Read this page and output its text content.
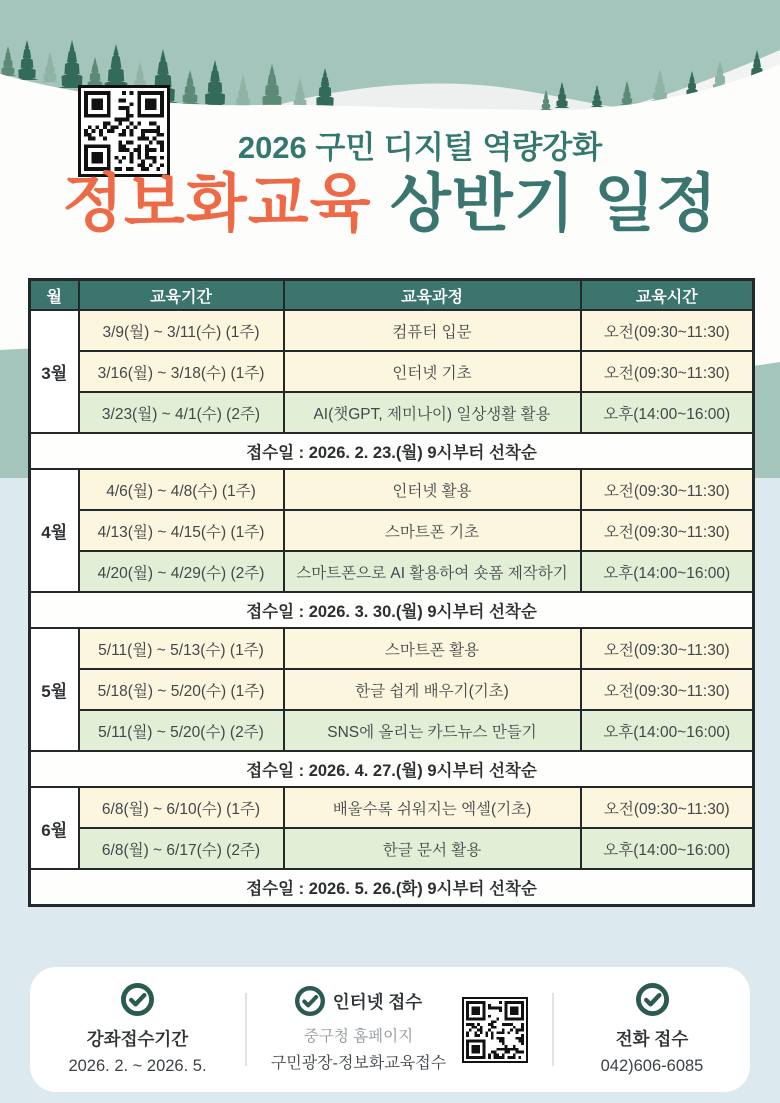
2026 구민 디지털 역량강화
정보화교육 상반기 일정
월	교육기간	교육과정	교육시간
3월	3/9(월) ~ 3/11(수) (1주)	컴퓨터 입문	오전(09:30~11:30)
	3/16(월) ~ 3/18(수) (1주)	인터넷 기초	오전(09:30~11:30)
	3/23(월) ~ 4/1(수) (2주)	AI(챗GPT, 제미나이) 일상생활 활용	오후(14:00~16:00)
접수일 : 2026. 2. 23.(월) 9시부터 선착순			
4월	4/6(월) ~ 4/8(수) (1주)	인터넷 활용	오전(09:30~11:30)
	4/13(월) ~ 4/15(수) (1주)	스마트폰 기초	오전(09:30~11:30)
	4/20(월) ~ 4/29(수) (2주)	스마트폰으로 AI 활용하여 숏폼 제작하기	오후(14:00~16:00)
접수일 : 2026. 3. 30.(월) 9시부터 선착순			
5월	5/11(월) ~ 5/13(수) (1주)	스마트폰 활용	오전(09:30~11:30)
	5/18(월) ~ 5/20(수) (1주)	한글 쉽게 배우기(기초)	오전(09:30~11:30)
	5/11(월) ~ 5/20(수) (2주)	SNS에 올리는 카드뉴스 만들기	오후(14:00~16:00)
접수일 : 2026. 4. 27.(월) 9시부터 선착순			
6월	6/8(월) ~ 6/10(수) (1주)	배울수록 쉬워지는 엑셀(기초)	오전(09:30~11:30)
	6/8(월) ~ 6/17(수) (2주)	한글 문서 활용	오후(14:00~16:00)
접수일 : 2026. 5. 26.(화) 9시부터 선착순			
강좌접수기간
2026. 2. ~ 2026. 5.
인터넷 접수
중구청 홈페이지
구민광장-정보화교육접수
전화 접수
042)606-6085
